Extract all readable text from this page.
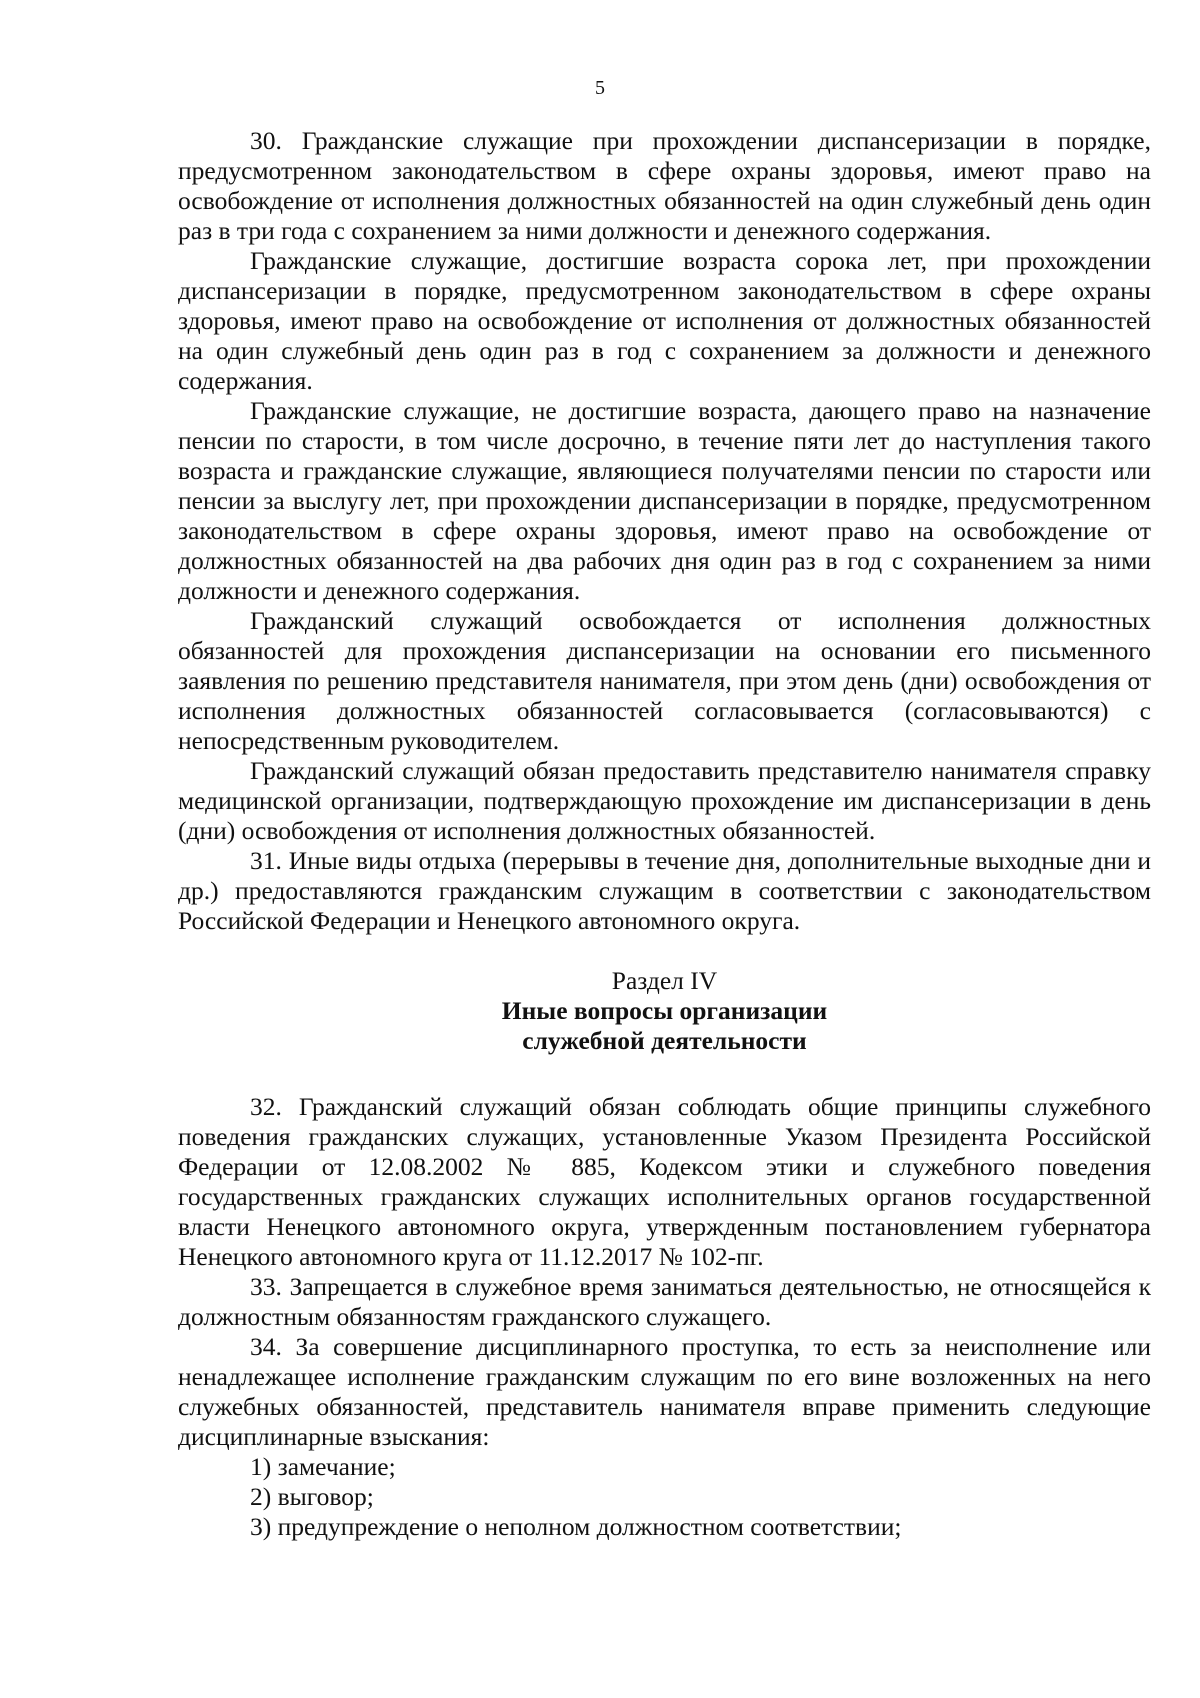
5

30. Гражданские служащие при прохождении диспансеризации в порядке, предусмотренном законодательством в сфере охраны здоровья, имеют право на освобождение от исполнения должностных обязанностей на один служебный день один раз в три года с сохранением за ними должности и денежного содержания.

Гражданские служащие, достигшие возраста сорока лет, при прохождении диспансеризации в порядке, предусмотренном законодательством в сфере охраны здоровья, имеют право на освобождение от исполнения от должностных обязанностей на один служебный день один раз в год с сохранением за должности и денежного содержания.

Гражданские служащие, не достигшие возраста, дающего право на назначение пенсии по старости, в том числе досрочно, в течение пяти лет до наступления такого возраста и гражданские служащие, являющиеся получателями пенсии по старости или пенсии за выслугу лет, при прохождении диспансеризации в порядке, предусмотренном законодательством в сфере охраны здоровья, имеют право на освобождение от должностных обязанностей на два рабочих дня один раз в год с сохранением за ними должности и денежного содержания.

Гражданский служащий освобождается от исполнения должностных обязанностей для прохождения диспансеризации на основании его письменного заявления по решению представителя нанимателя, при этом день (дни) освобождения от исполнения должностных обязанностей согласовывается (согласовываются) с непосредственным руководителем.

Гражданский служащий обязан предоставить представителю нанимателя справку медицинской организации, подтверждающую прохождение им диспансеризации в день (дни) освобождения от исполнения должностных обязанностей.

31. Иные виды отдыха (перерывы в течение дня, дополнительные выходные дни и др.) предоставляются гражданским служащим в соответствии с законодательством Российской Федерации и Ненецкого автономного округа.

Раздел IV
Иные вопросы организации
служебной деятельности

32. Гражданский служащий обязан соблюдать общие принципы служебного поведения гражданских служащих, установленные Указом Президента Российской Федерации от 12.08.2002 № 885, Кодексом этики и служебного поведения государственных гражданских служащих исполнительных органов государственной власти Ненецкого автономного округа, утвержденным постановлением губернатора Ненецкого автономного круга от 11.12.2017 № 102-пг.

33. Запрещается в служебное время заниматься деятельностью, не относящейся к должностным обязанностям гражданского служащего.

34. За совершение дисциплинарного проступка, то есть за неисполнение или ненадлежащее исполнение гражданским служащим по его вине возложенных на него служебных обязанностей, представитель нанимателя вправе применить следующие дисциплинарные взыскания:

1) замечание;
2) выговор;
3) предупреждение о неполном должностном соответствии;
